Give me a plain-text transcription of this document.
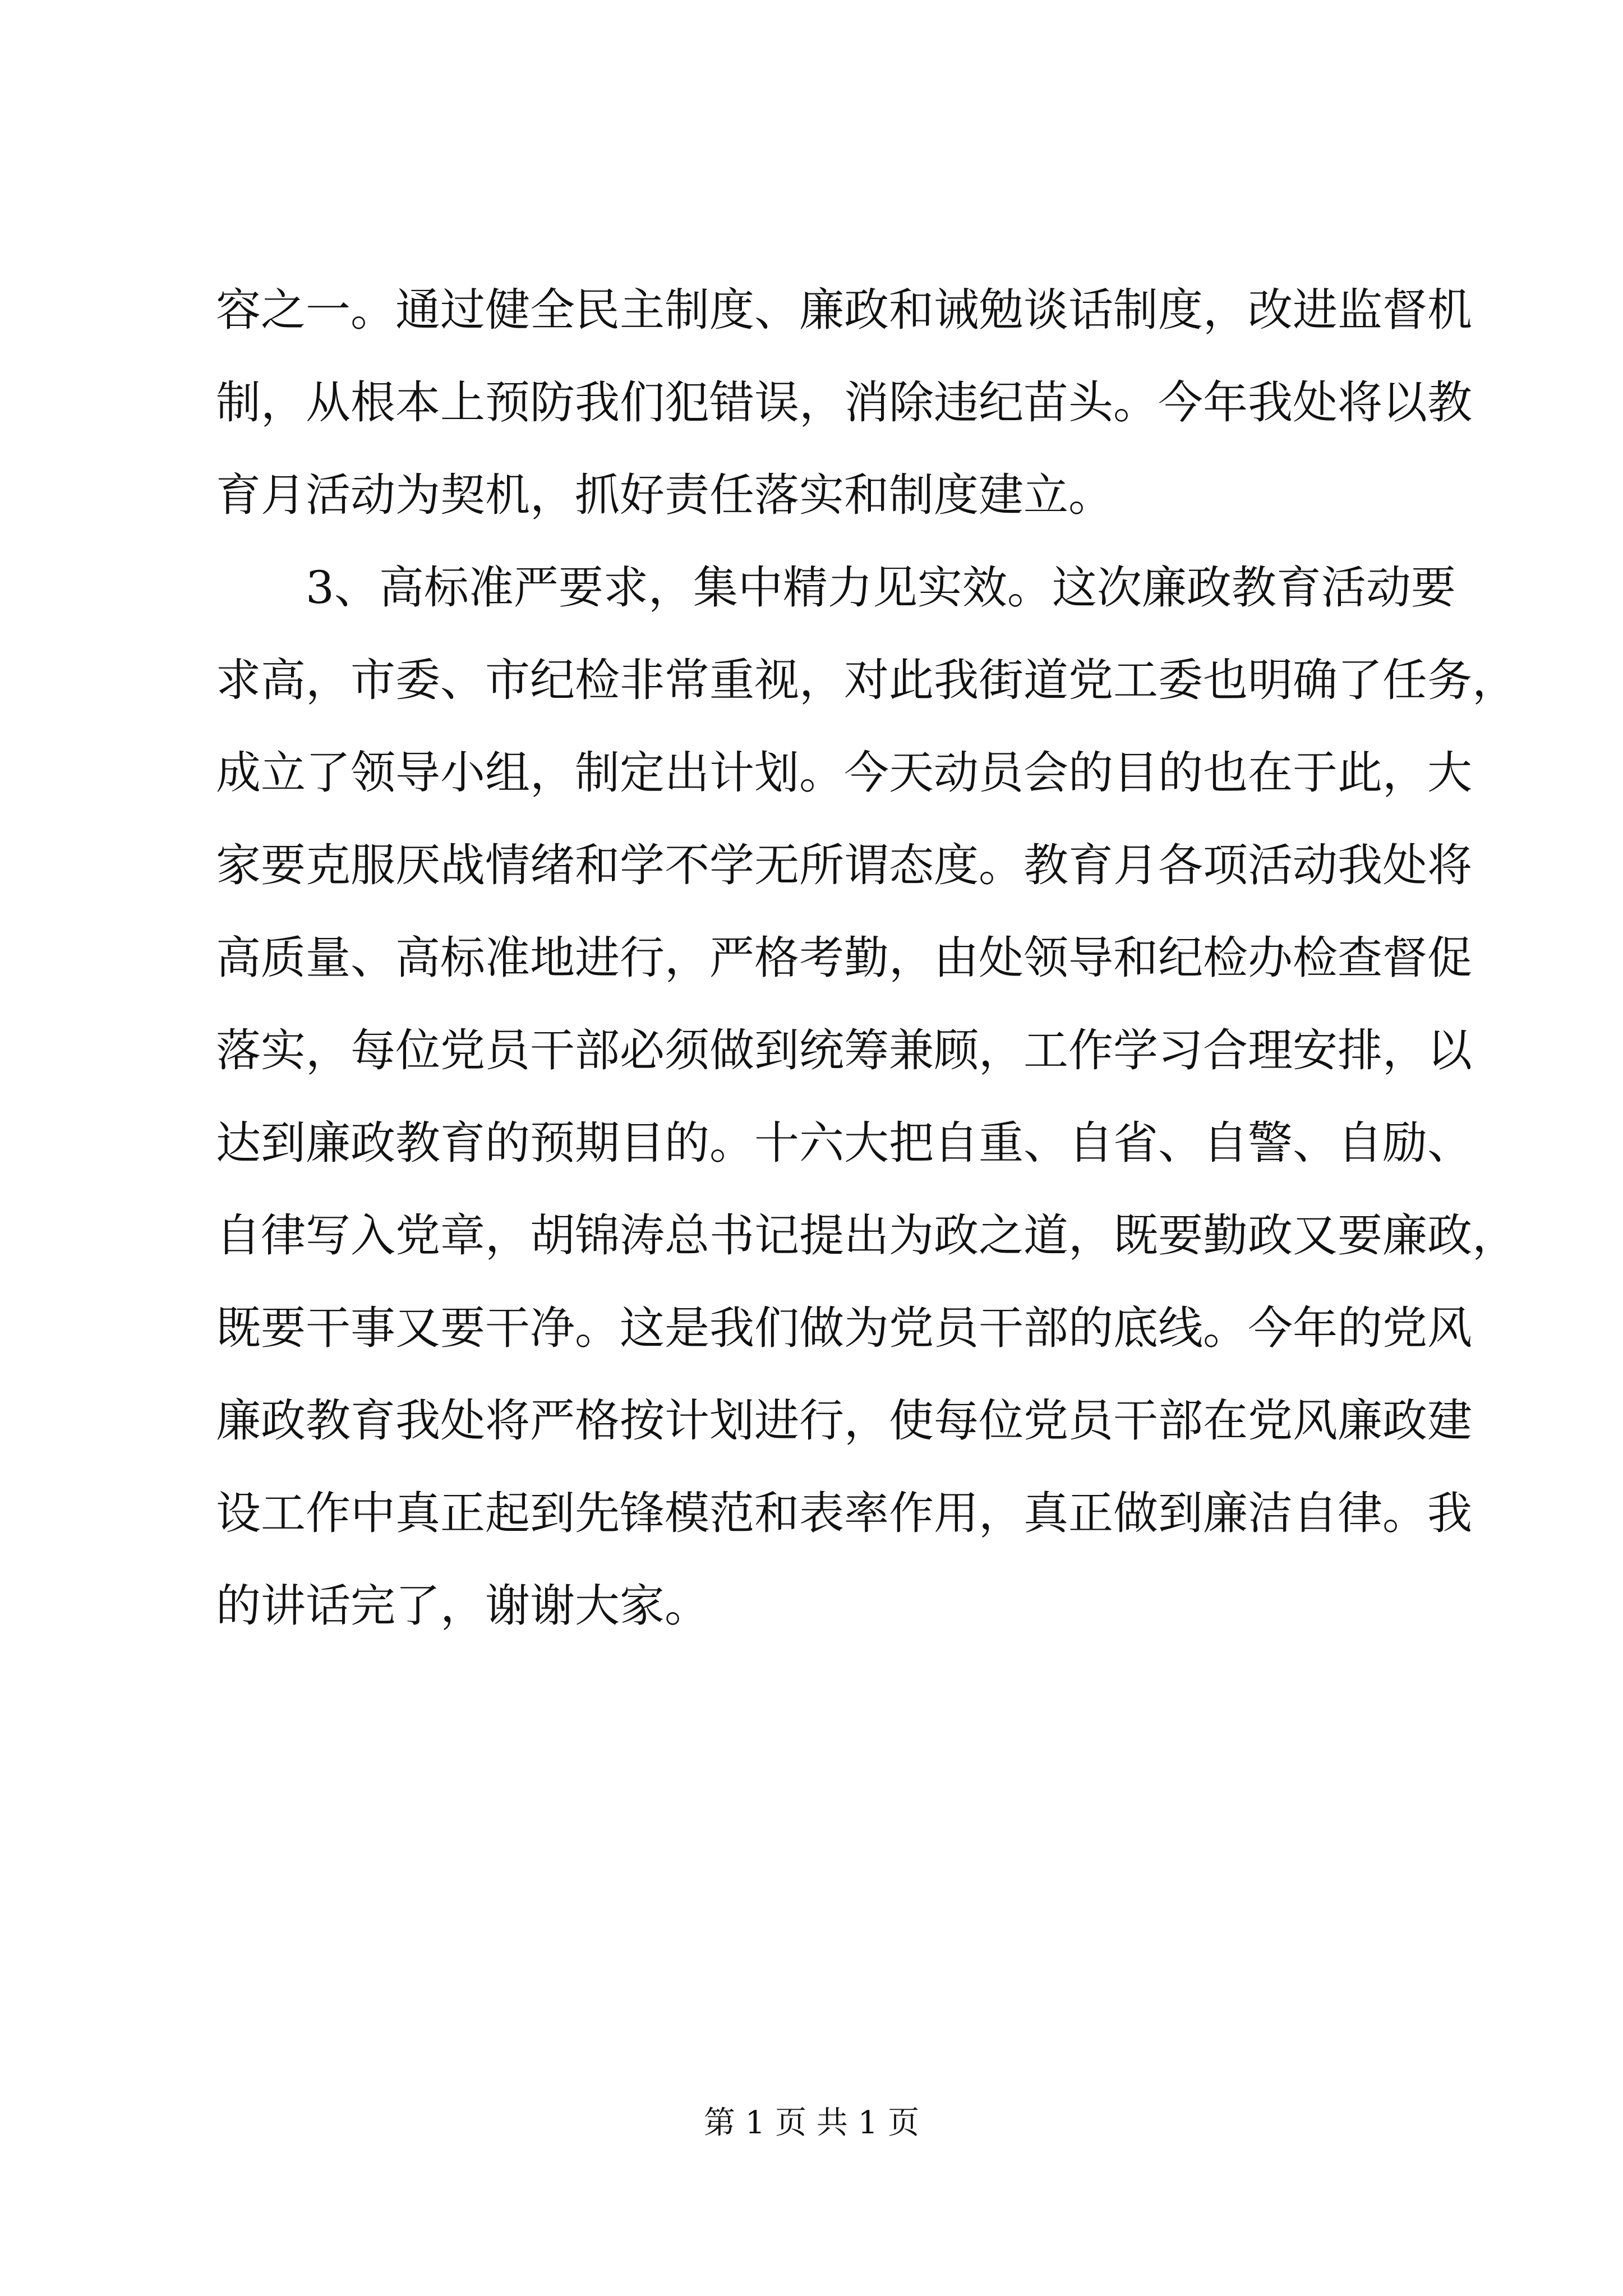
容之一。通过健全民主制度、廉政和诫勉谈话制度，改进监督机
制，从根本上预防我们犯错误，消除违纪苗头。今年我处将以教
育月活动为契机，抓好责任落实和制度建立。
3、高标准严要求，集中精力见实效。这次廉政教育活动要
求高，市委、市纪检非常重视，对此我街道党工委也明确了任务，
成立了领导小组，制定出计划。今天动员会的目的也在于此，大
家要克服厌战情绪和学不学无所谓态度。教育月各项活动我处将
高质量、高标准地进行，严格考勤，由处领导和纪检办检查督促
落实，每位党员干部必须做到统筹兼顾，工作学习合理安排，以
达到廉政教育的预期目的。十六大把自重、自省、自警、自励、
自律写入党章，胡锦涛总书记提出为政之道，既要勤政又要廉政，
既要干事又要干净。这是我们做为党员干部的底线。今年的党风
廉政教育我处将严格按计划进行，使每位党员干部在党风廉政建
设工作中真正起到先锋模范和表率作用，真正做到廉洁自律。我
的讲话完了，谢谢大家。
第 1 页 共 1 页
